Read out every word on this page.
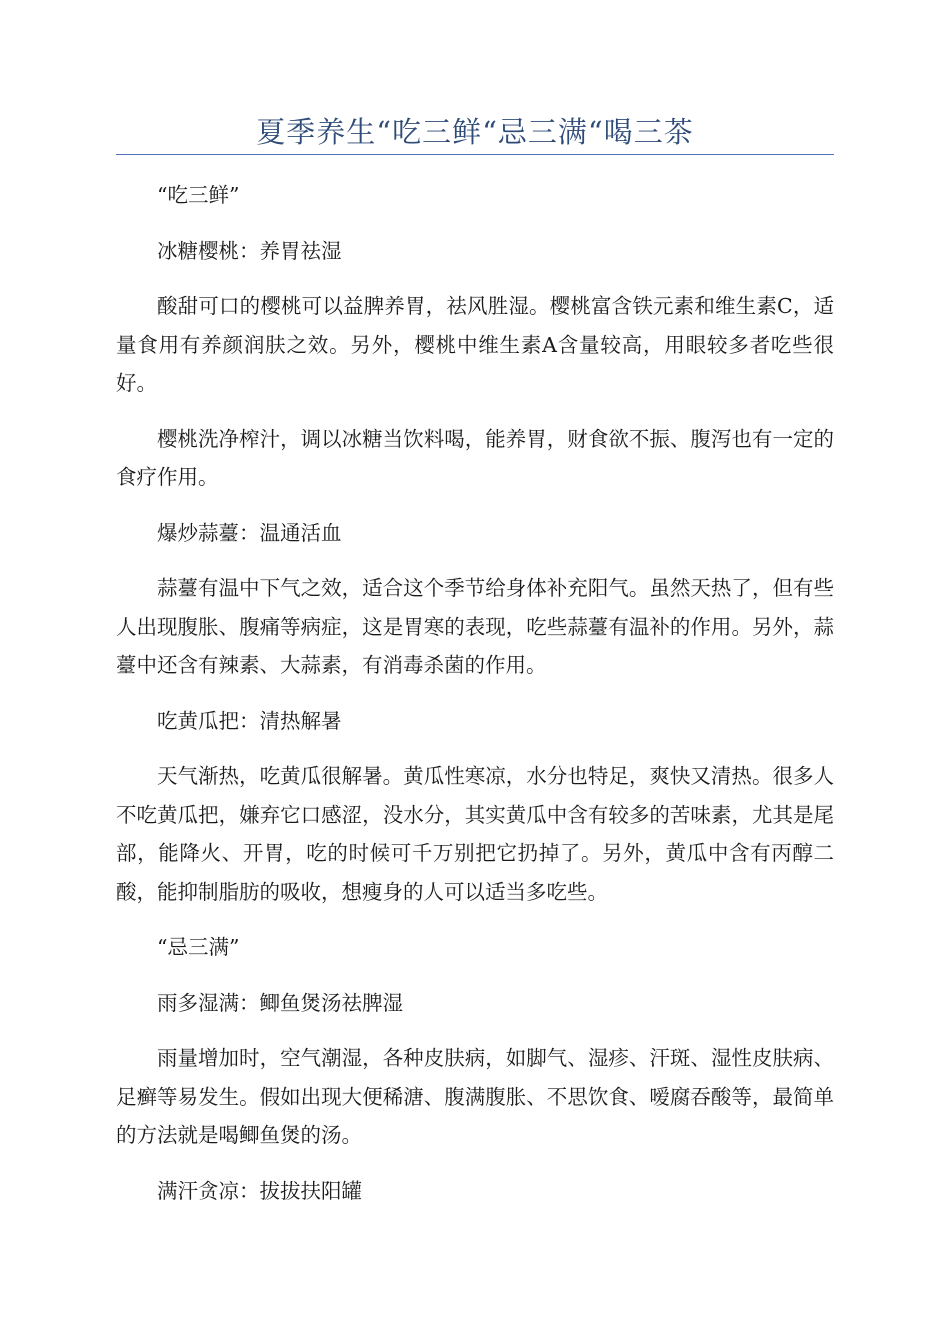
夏季养生“吃三鲜“忌三满“喝三茶

“吃三鲜”

冰糖樱桃：养胃祛湿

酸甜可口的樱桃可以益脾养胃，祛风胜湿。樱桃富含铁元素和维生素C，适量食用有养颜润肤之效。另外，樱桃中维生素A含量较高，用眼较多者吃些很好。

樱桃洗净榨汁，调以冰糖当饮料喝，能养胃，财食欲不振、腹泻也有一定的食疗作用。

爆炒蒜薹：温通活血

蒜薹有温中下气之效，适合这个季节给身体补充阳气。虽然天热了，但有些人出现腹胀、腹痛等病症，这是胃寒的表现，吃些蒜薹有温补的作用。另外，蒜薹中还含有辣素、大蒜素，有消毒杀菌的作用。

吃黄瓜把：清热解暑

天气渐热，吃黄瓜很解暑。黄瓜性寒凉，水分也特足，爽快又清热。很多人不吃黄瓜把，嫌弃它口感涩，没水分，其实黄瓜中含有较多的苦味素，尤其是尾部，能降火、开胃，吃的时候可千万别把它扔掉了。另外，黄瓜中含有丙醇二酸，能抑制脂肪的吸收，想瘦身的人可以适当多吃些。

“忌三满”

雨多湿满：鲫鱼煲汤祛脾湿

雨量增加时，空气潮湿，各种皮肤病，如脚气、湿疹、汗斑、湿性皮肤病、足癣等易发生。假如出现大便稀溏、腹满腹胀、不思饮食、嗳腐吞酸等，最简单的方法就是喝鲫鱼煲的汤。

满汗贪凉：拔拔扶阳罐
